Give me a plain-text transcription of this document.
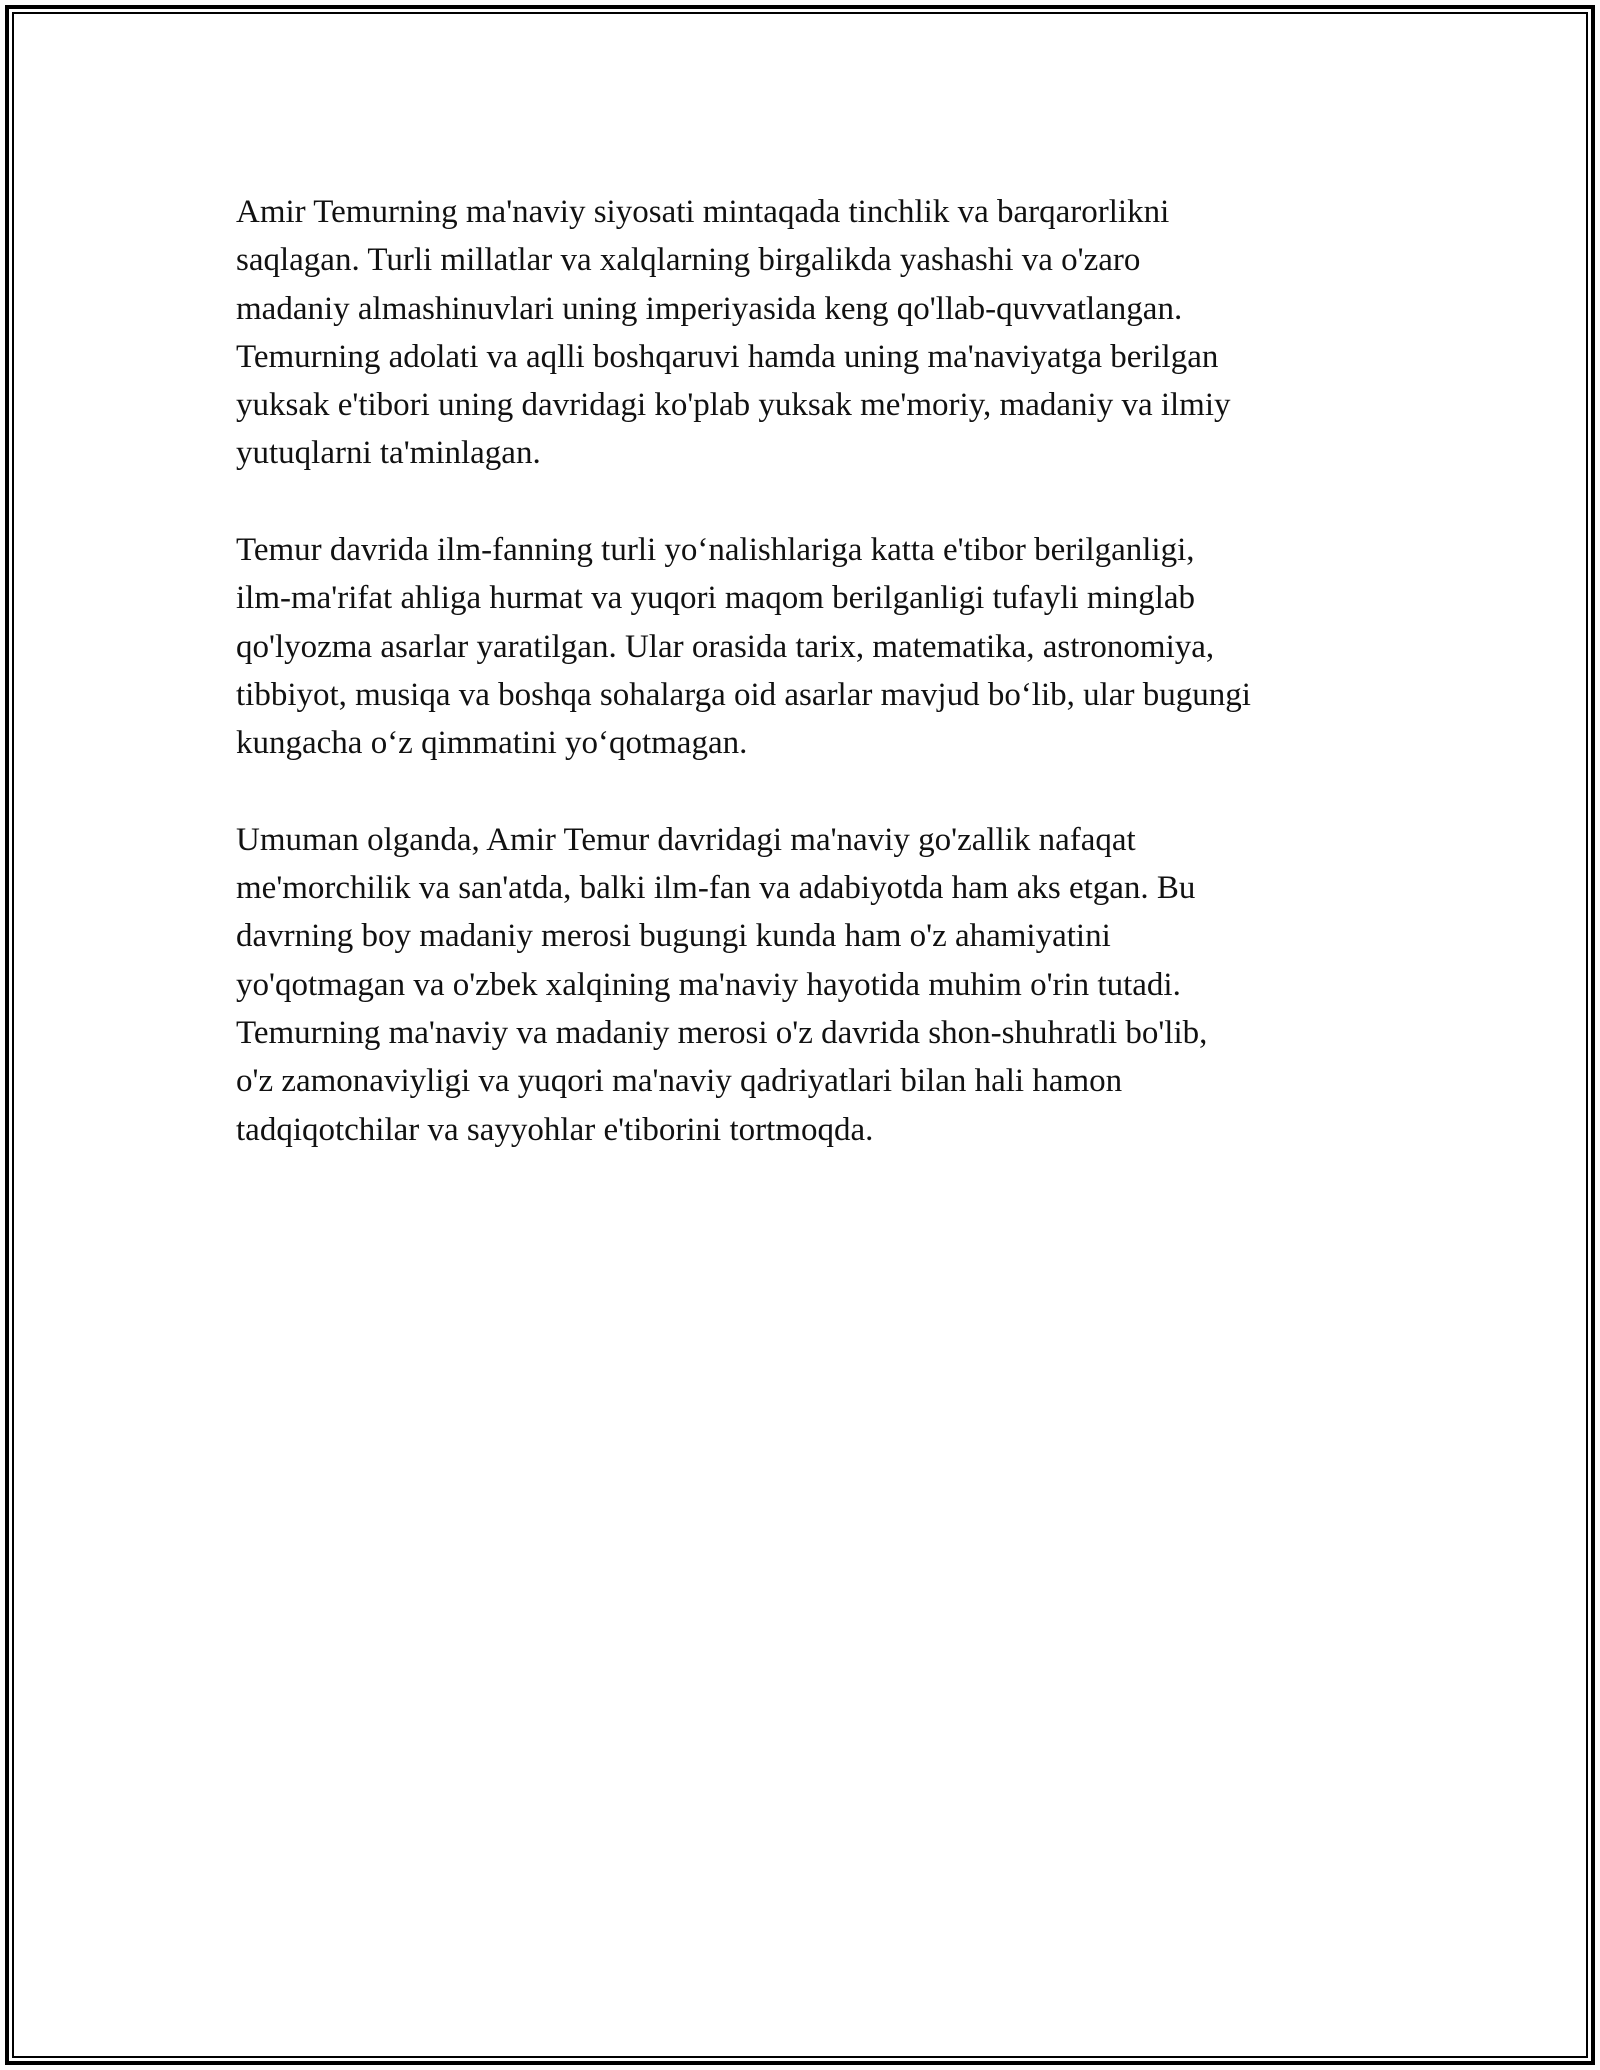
Amir Temurning ma'naviy siyosati mintaqada tinchlik va barqarorlikni
saqlagan. Turli millatlar va xalqlarning birgalikda yashashi va o'zaro
madaniy almashinuvlari uning imperiyasida keng qo'llab-quvvatlangan.
Temurning adolati va aqlli boshqaruvi hamda uning ma'naviyatga berilgan
yuksak e'tibori uning davridagi ko'plab yuksak me'moriy, madaniy va ilmiy
yutuqlarni ta'minlagan.

Temur davrida ilm-fanning turli yo‘nalishlariga katta e'tibor berilganligi,
ilm-ma'rifat ahliga hurmat va yuqori maqom berilganligi tufayli minglab
qo'lyozma asarlar yaratilgan. Ular orasida tarix, matematika, astronomiya,
tibbiyot, musiqa va boshqa sohalarga oid asarlar mavjud bo‘lib, ular bugungi
kungacha o‘z qimmatini yo‘qotmagan.

Umuman olganda, Amir Temur davridagi ma'naviy go'zallik nafaqat
me'morchilik va san'atda, balki ilm-fan va adabiyotda ham aks etgan. Bu
davrning boy madaniy merosi bugungi kunda ham o'z ahamiyatini
yo'qotmagan va o'zbek xalqining ma'naviy hayotida muhim o'rin tutadi.
Temurning ma'naviy va madaniy merosi o'z davrida shon-shuhratli bo'lib,
o'z zamonaviyligi va yuqori ma'naviy qadriyatlari bilan hali hamon
tadqiqotchilar va sayyohlar e'tiborini tortmoqda.
